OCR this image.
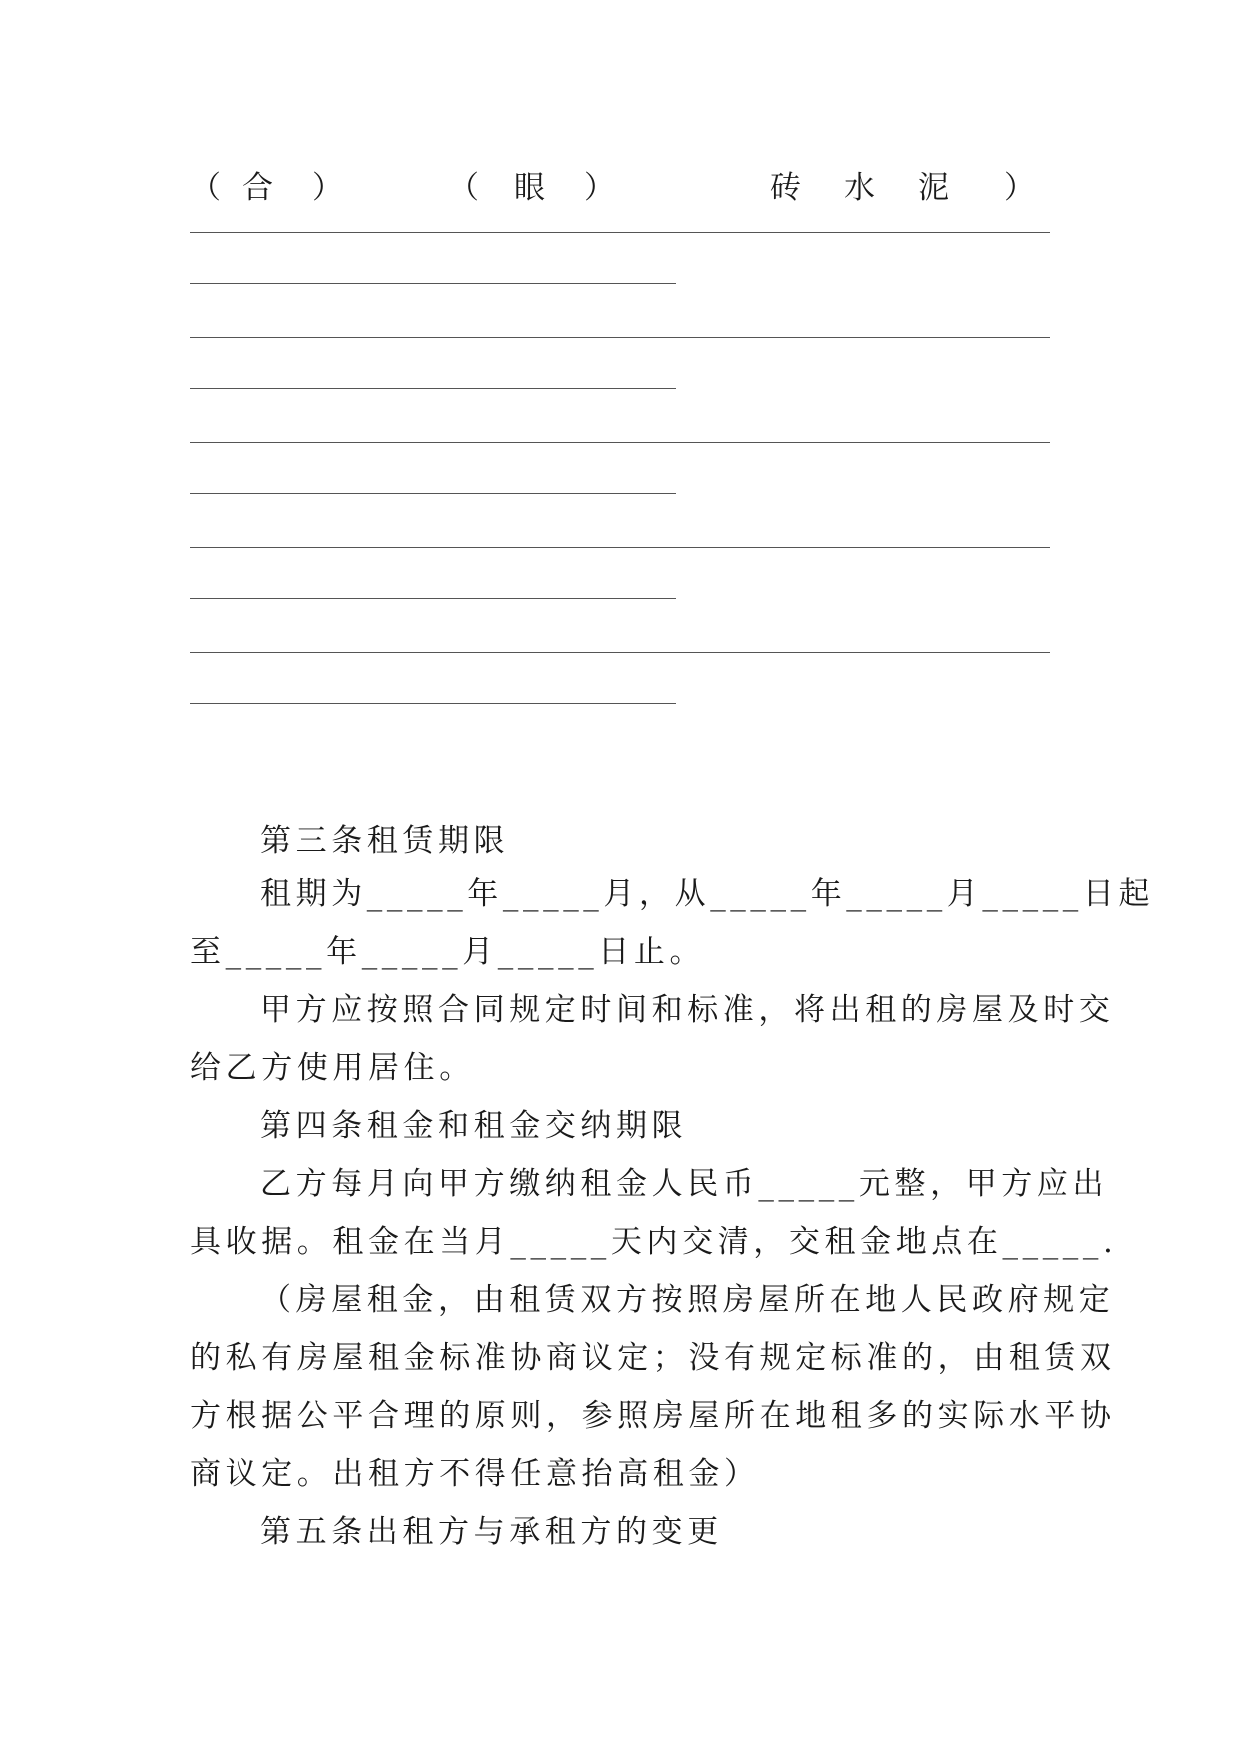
（ 合 ）	（ 眼 ）	砖 水 泥 ）

第三条租赁期限

租期为_____年_____月，从_____年_____月_____日起
至_____年_____月_____日止。
甲方应按照合同规定时间和标准，将出租的房屋及时交
给乙方使用居住。

第四条租金和租金交纳期限

乙方每月向甲方缴纳租金人民币_____元整，甲方应出
具收据。租金在当月_____天内交清，交租金地点在_____.
（房屋租金，由租赁双方按照房屋所在地人民政府规定
的私有房屋租金标准协商议定；没有规定标准的，由租赁双
方根据公平合理的原则，参照房屋所在地租多的实际水平协
商议定。出租方不得任意抬高租金）

第五条出租方与承租方的变更
